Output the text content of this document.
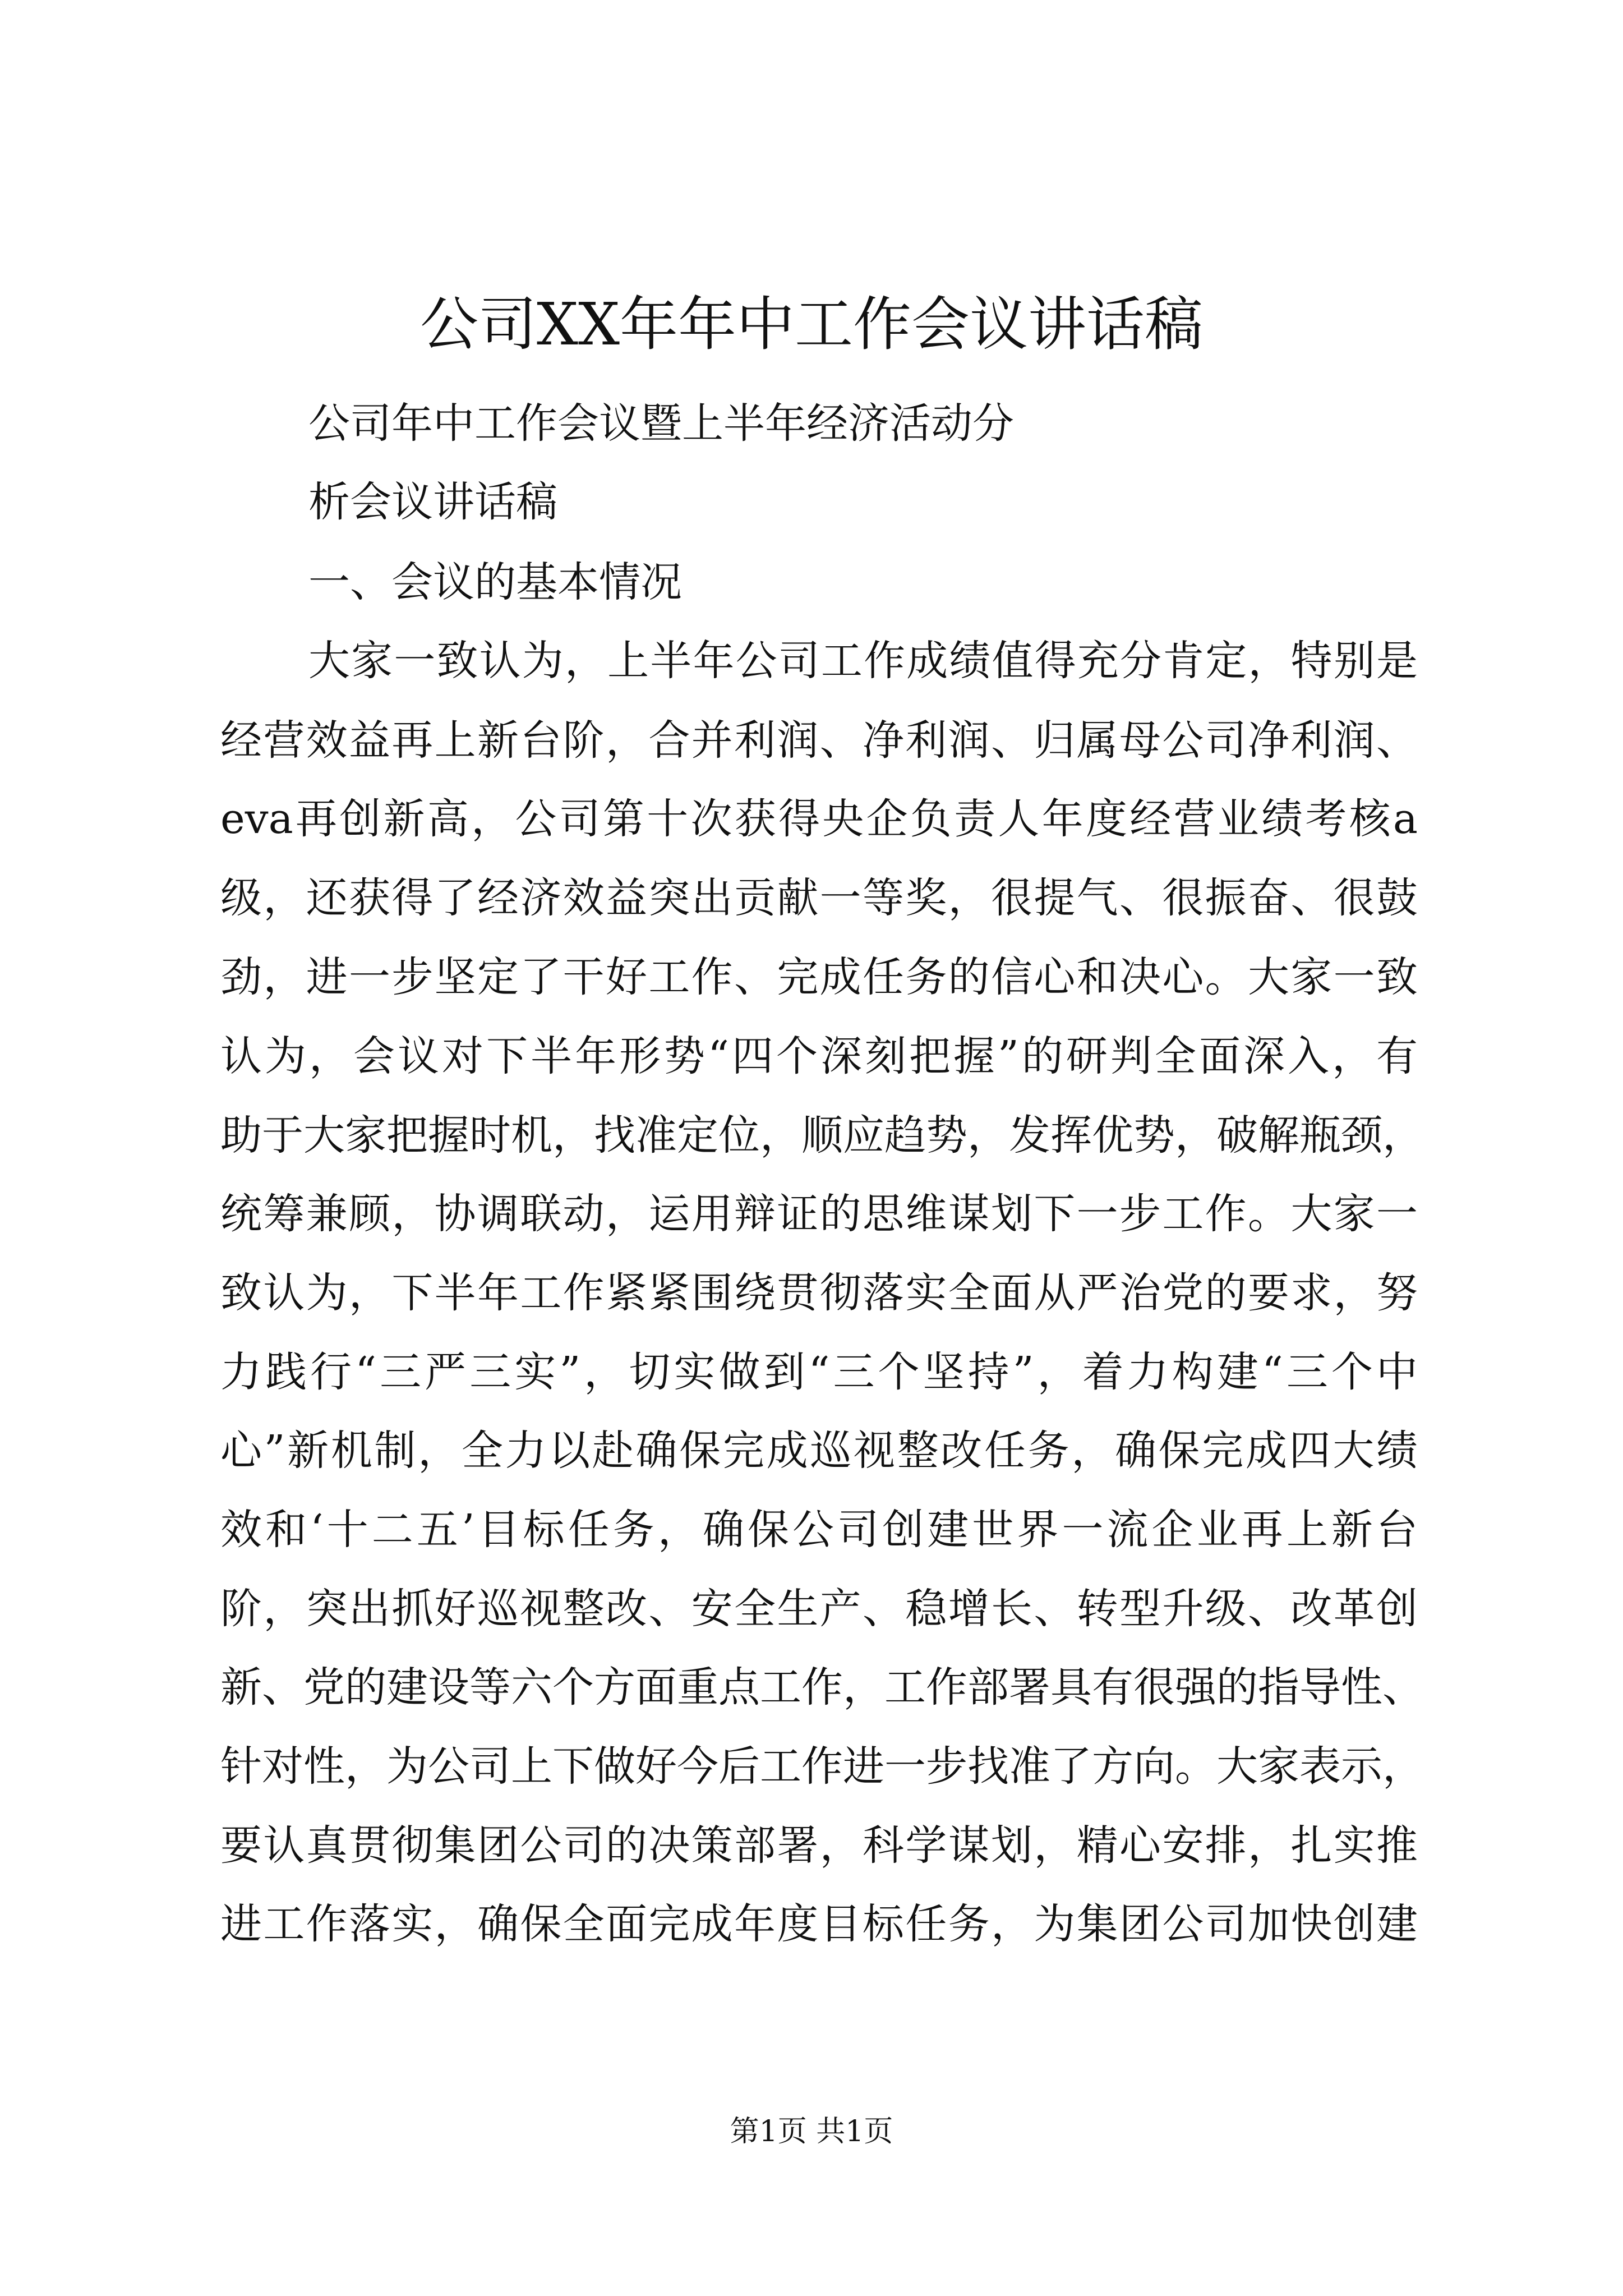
公司XX年年中工作会议讲话稿

公司年中工作会议暨上半年经济活动分

析会议讲话稿

一、会议的基本情况

大家一致认为，上半年公司工作成绩值得充分肯定，特别是

经营效益再上新台阶，合并利润、净利润、归属母公司净利润、

eva再创新高，公司第十次获得央企负责人年度经营业绩考核a

级，还获得了经济效益突出贡献一等奖，很提气、很振奋、很鼓

劲，进一步坚定了干好工作、完成任务的信心和决心。大家一致

认为，会议对下半年形势“四个深刻把握”的研判全面深入，有

助于大家把握时机，找准定位，顺应趋势，发挥优势，破解瓶颈，

统筹兼顾，协调联动，运用辩证的思维谋划下一步工作。大家一

致认为，下半年工作紧紧围绕贯彻落实全面从严治党的要求，努

力践行“三严三实”，切实做到“三个坚持”，着力构建“三个中

心”新机制，全力以赴确保完成巡视整改任务，确保完成四大绩

效和‘十二五’目标任务，确保公司创建世界一流企业再上新台

阶，突出抓好巡视整改、安全生产、稳增长、转型升级、改革创

新、党的建设等六个方面重点工作，工作部署具有很强的指导性、

针对性，为公司上下做好今后工作进一步找准了方向。大家表示，

要认真贯彻集团公司的决策部署，科学谋划，精心安排，扎实推

进工作落实，确保全面完成年度目标任务，为集团公司加快创建

第1页 共1页
